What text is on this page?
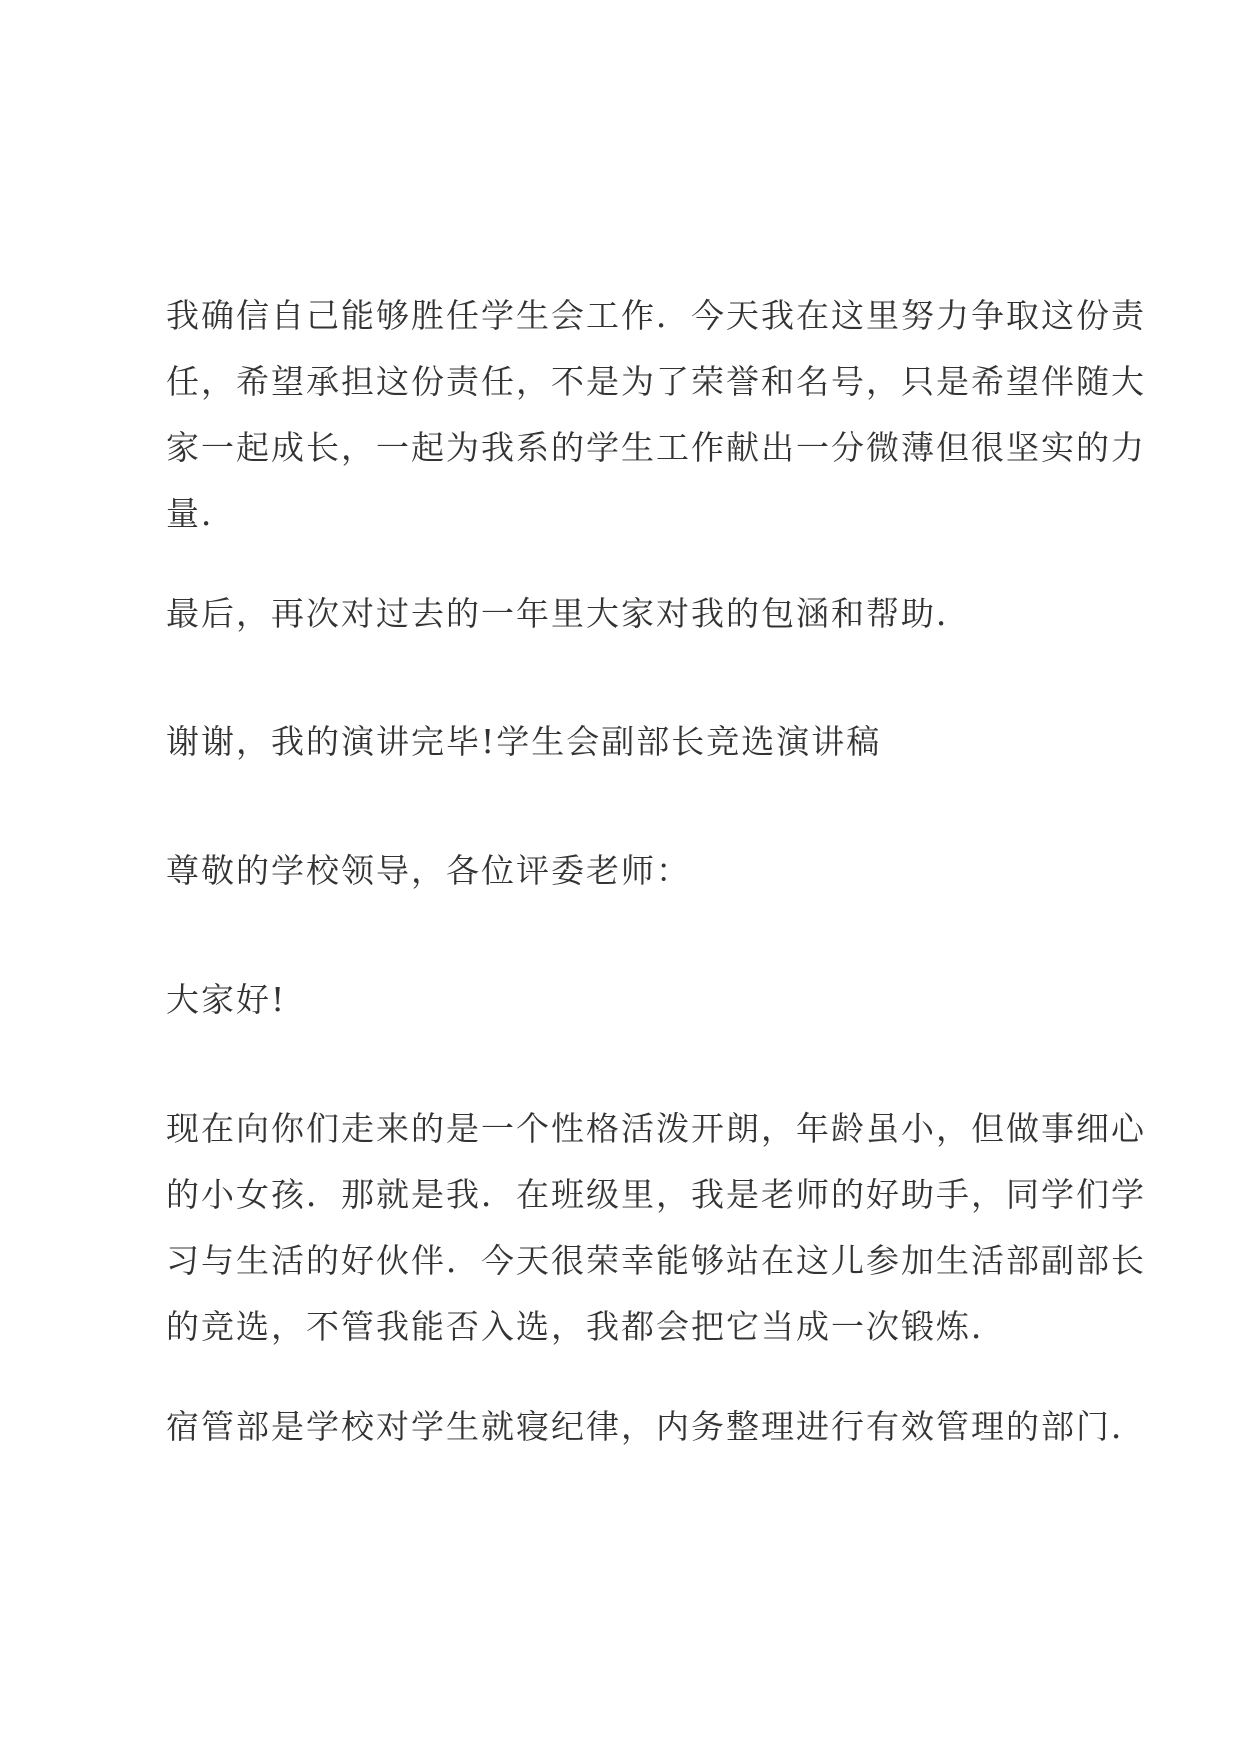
我确信自己能够胜任学生会工作．今天我在这里努力争取这份责
任，希望承担这份责任，不是为了荣誉和名号，只是希望伴随大
家一起成长，一起为我系的学生工作献出一分微薄但很坚实的力
量．
最后，再次对过去的一年里大家对我的包涵和帮助．
谢谢，我的演讲完毕!学生会副部长竞选演讲稿
尊敬的学校领导，各位评委老师：
大家好!
现在向你们走来的是一个性格活泼开朗，年龄虽小，但做事细心
的小女孩．那就是我．在班级里，我是老师的好助手，同学们学
习与生活的好伙伴．今天很荣幸能够站在这儿参加生活部副部长
的竞选，不管我能否入选，我都会把它当成一次锻炼．
宿管部是学校对学生就寝纪律，内务整理进行有效管理的部门．
